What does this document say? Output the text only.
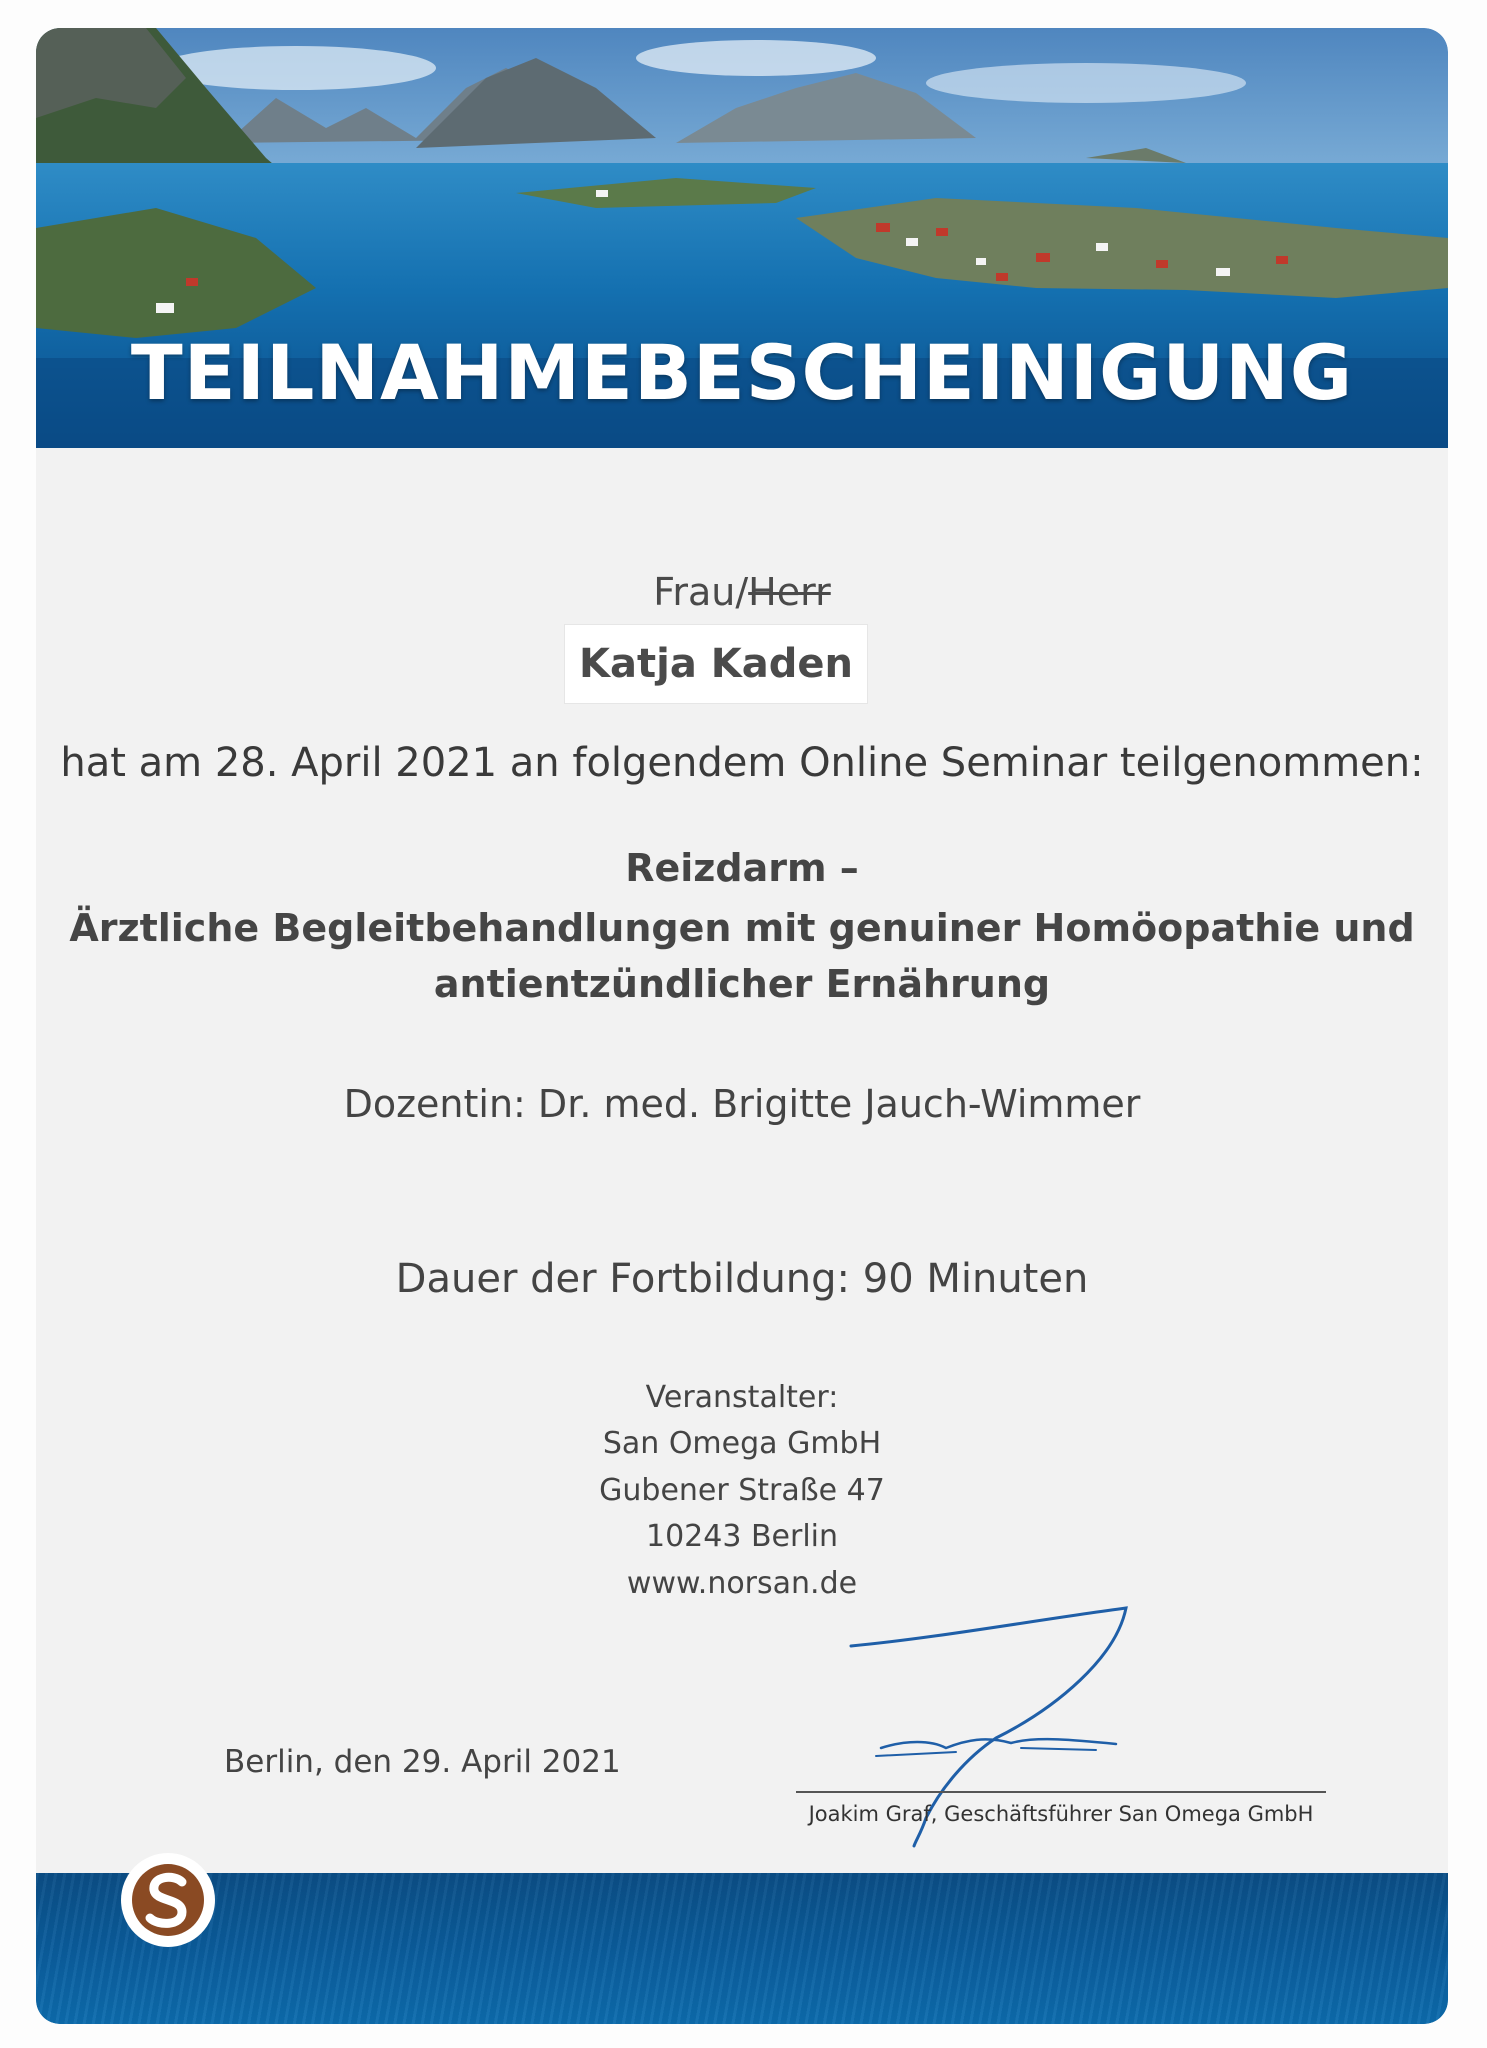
TEILNAHMEBESCHEINIGUNG
Frau/Herr
Katja Kaden
hat am 28. April 2021 an folgendem Online Seminar teilgenommen:
Reizdarm –
Ärztliche Begleitbehandlungen mit genuiner Homöopathie und
antientzündlicher Ernährung
Dozentin: Dr. med. Brigitte Jauch-Wimmer
Dauer der Fortbildung: 90 Minuten
Veranstalter:
San Omega GmbH
Gubener Straße 47
10243 Berlin
www.norsan.de
Berlin, den 29. April 2021
Joakim Graf, Geschäftsführer San Omega GmbH
